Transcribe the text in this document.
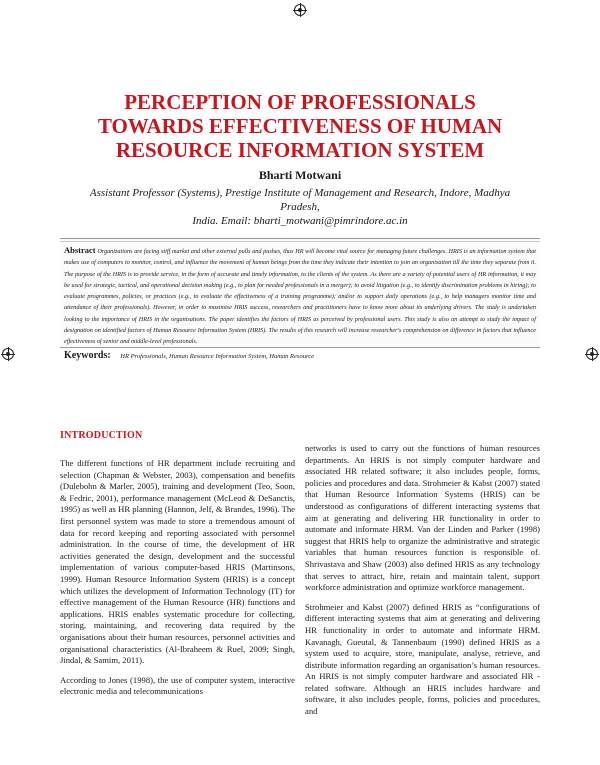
PERCEPTION OF PROFESSIONALS
TOWARDS EFFECTIVENESS OF HUMAN
RESOURCE INFORMATION SYSTEM

Bharti Motwani

Assistant Professor (Systems), Prestige Institute of Management and Research, Indore, Madhya Pradesh,
India. Email: bharti_motwani@pimrindore.ac.in

Abstract Organizations are facing stiff market and other external pulls and pushes, thus HR will become vital source for managing future challenges. HRIS is an information system that makes use of computers to monitor, control, and influence the movement of human beings from the time they indicate their intention to join an organisation till the time they separate from it. The purpose of the HRIS is to provide service, in the form of accurate and timely information, to the clients of the system. As there are a variety of potential users of HR information, it may be used for strategic, tactical, and operational decision making (e.g., to plan for needed professionals in a merger); to avoid litigation (e.g., to identify discrimination problems in hiring); to evaluate programmes, policies, or practices (e.g., to evaluate the effectiveness of a training programme); and/or to support daily operations (e.g., to help managers monitor time and attendance of their professionals). However, in order to maximise HRIS success, researchers and practitioners have to know more about its underlying drivers. The study is undertaken looking to the importance of HRIS in the organisations. The paper identifies the factors of HRIS as perceived by professional users. This study is also an attempt to study the impact of designation on identified factors of Human Resource Information System (HRIS). The results of this research will increase researcher's comprehension on difference in factors that influence effectiveness of senior and middle-level professionals.

Keywords: HR Professionals, Human Resource Information System, Human Resource
INTRODUCTION

The different functions of HR department include recruiting and selection (Chapman & Webster, 2003), compensation and benefits (Dulebohn & Marler, 2005), training and development (Teo, Soon, & Fedric, 2001), performance management (McLeod & DeSanctis, 1995) as well as HR planning (Hannon, Jelf, & Brandes, 1996). The first personnel system was made to store a tremendous amount of data for record keeping and reporting associated with personnel administration. In the course of time, the development of HR activities generated the design, development and the successful implementation of various computer-based HRIS (Martinsons, 1999). Human Resource Information System (HRIS) is a concept which utilizes the development of Information Technology (IT) for effective management of the Human Resource (HR) functions and applications. HRIS enables systematic procedure for collecting, storing, maintaining, and recovering data required by the organisations about their human resources, personnel activities and organisational characteristics (Al-Ibraheem & Ruel, 2009; Singh, Jindal, & Samim, 2011).

According to Jones (1998), the use of computer system, interactive electronic media and telecommunications

networks is used to carry out the functions of human resources departments. An HRIS is not simply computer hardware and associated HR related software; it also includes people, forms, policies and procedures and data. Strohmeier & Kabst (2007) stated that Human Resource Information Systems (HRIS) can be understood as configurations of different interacting systems that aim at generating and delivering HR functionality in order to automate and informate HRM. Van der Linden and Parker (1998) suggest that HRIS help to organize the administrative and strategic variables that human resources function is responsible of. Shrivastava and Shaw (2003) also defined HRIS as any technology that serves to attract, hire, retain and maintain talent, support workforce administration and optimize workforce management.

Strohmeier and Kabst (2007) defined HRIS as “configurations of different interacting systems that aim at generating and delivering HR functionality in order to automate and informate HRM. Kavanagh, Gueutal, & Tannenbaum (1990) defined HRIS as a system used to acquire, store, manipulate, analyse, retrieve, and distribute information regarding an organisation’s human resources. An HRIS is not simply computer hardware and associated HR -related software. Although an HRIS includes hardware and software, it also includes people, forms, policies and procedures, and
